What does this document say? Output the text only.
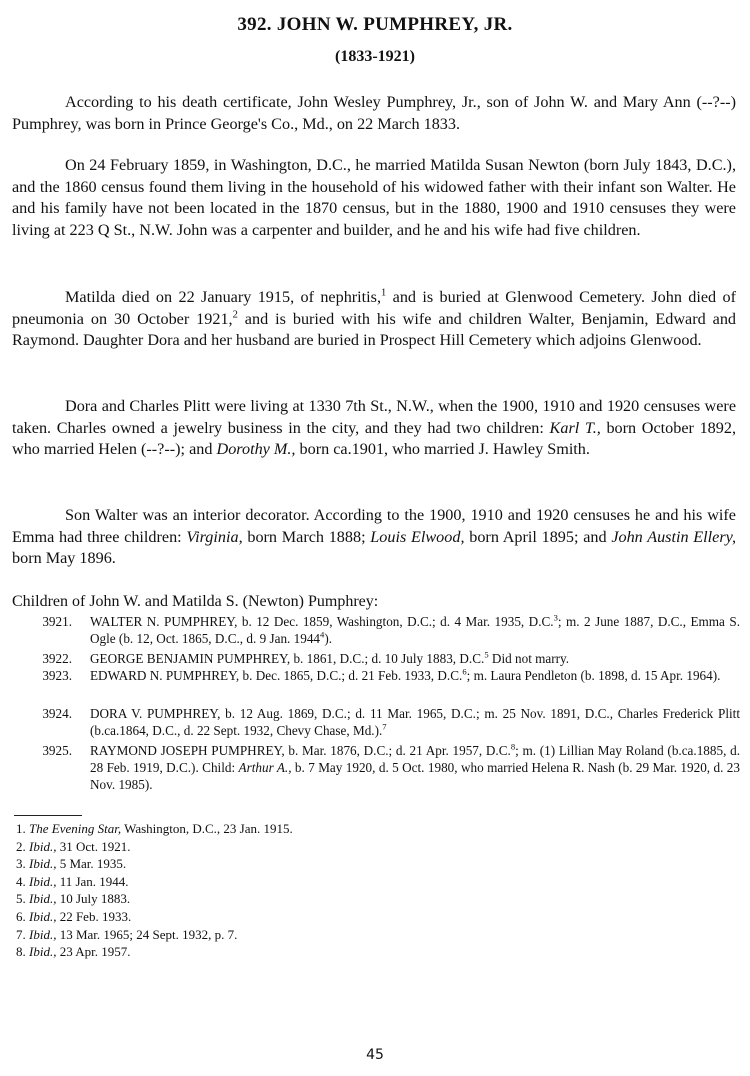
392. JOHN W. PUMPHREY, JR.
(1833-1921)

According to his death certificate, John Wesley Pumphrey, Jr., son of John W. and Mary Ann (--?--) Pumphrey, was born in Prince George's Co., Md., on 22 March 1833.

On 24 February 1859, in Washington, D.C., he married Matilda Susan Newton (born July 1843, D.C.), and the 1860 census found them living in the household of his widowed father with their infant son Walter. He and his family have not been located in the 1870 census, but in the 1880, 1900 and 1910 censuses they were living at 223 Q St., N.W. John was a carpenter and builder, and he and his wife had five children.

Matilda died on 22 January 1915, of nephritis,$^1$ and is buried at Glenwood Cemetery. John died of pneumonia on 30 October 1921,$^2$ and is buried with his wife and children Walter, Benjamin, Edward and Raymond. Daughter Dora and her husband are buried in Prospect Hill Cemetery which adjoins Glenwood.

Dora and Charles Plitt were living at 1330 7th St., N.W., when the 1900, 1910 and 1920 censuses were taken. Charles owned a jewelry business in the city, and they had two children: Karl T., born October 1892, who married Helen (--?--); and Dorothy M., born ca.1901, who married J. Hawley Smith.

Son Walter was an interior decorator. According to the 1900, 1910 and 1920 censuses he and his wife Emma had three children: Virginia, born March 1888; Louis Elwood, born April 1895; and John Austin Ellery, born May 1896.

Children of John W. and Matilda S. (Newton) Pumphrey:
3921. WALTER N. PUMPHREY, b. 12 Dec. 1859, Washington, D.C.; d. 4 Mar. 1935, D.C.$^3$; m. 2 June 1887, D.C., Emma S. Ogle (b. 12, Oct. 1865, D.C., d. 9 Jan. 1944$^4$).
3922. GEORGE BENJAMIN PUMPHREY, b. 1861, D.C.; d. 10 July 1883, D.C.$^5$ Did not marry.
3923. EDWARD N. PUMPHREY, b. Dec. 1865, D.C.; d. 21 Feb. 1933, D.C.$^6$; m. Laura Pendleton (b. 1898, d. 15 Apr. 1964).
3924. DORA V. PUMPHREY, b. 12 Aug. 1869, D.C.; d. 11 Mar. 1965, D.C.; m. 25 Nov. 1891, D.C., Charles Frederick Plitt (b.ca.1864, D.C., d. 22 Sept. 1932, Chevy Chase, Md.).$^7$
3925. RAYMOND JOSEPH PUMPHREY, b. Mar. 1876, D.C.; d. 21 Apr. 1957, D.C.$^8$; m. (1) Lillian May Roland (b.ca.1885, d. 28 Feb. 1919, D.C.). Child: Arthur A., b. 7 May 1920, d. 5 Oct. 1980, who married Helena R. Nash (b. 29 Mar. 1920, d. 23 Nov. 1985).
1. The Evening Star, Washington, D.C., 23 Jan. 1915.
2. Ibid., 31 Oct. 1921.
3. Ibid., 5 Mar. 1935.
4. Ibid., 11 Jan. 1944.
5. Ibid., 10 July 1883.
6. Ibid., 22 Feb. 1933.
7. Ibid., 13 Mar. 1965; 24 Sept. 1932, p. 7.
8. Ibid., 23 Apr. 1957.
45
